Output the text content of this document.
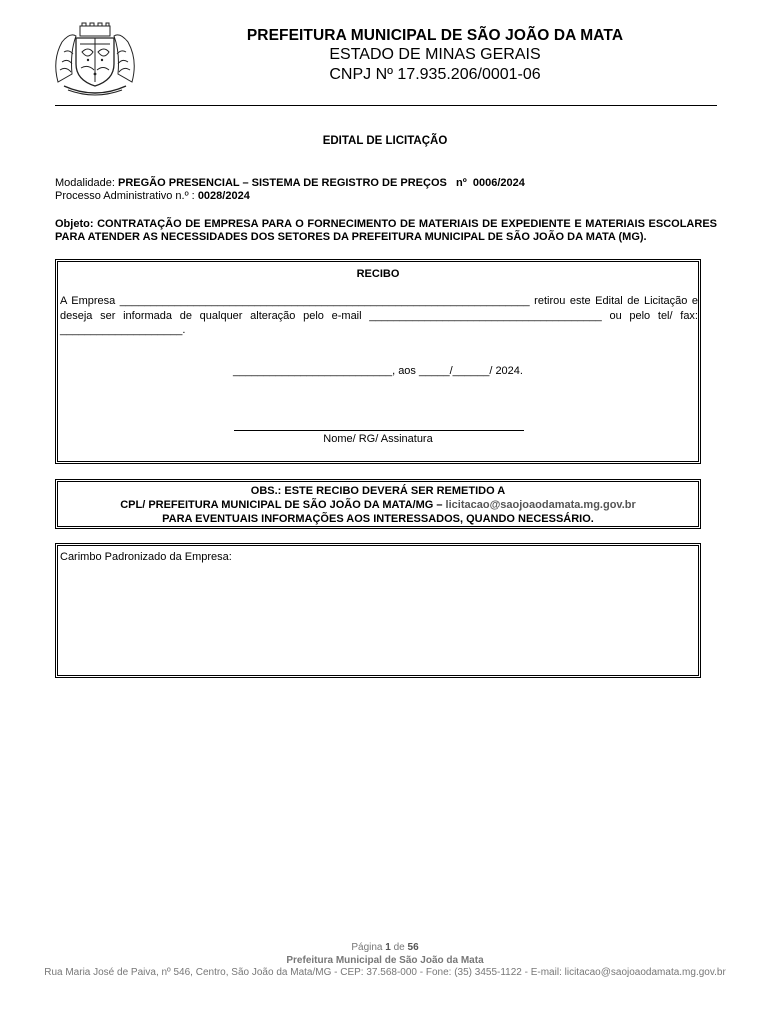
PREFEITURA MUNICIPAL DE SÃO JOÃO DA MATA
ESTADO DE MINAS GERAIS
CNPJ Nº 17.935.206/0001-06
EDITAL DE LICITAÇÃO
Modalidade: PREGÃO PRESENCIAL – SISTEMA DE REGISTRO DE PREÇOS   nº  0006/2024
Processo Administrativo n.º : 0028/2024
Objeto: CONTRATAÇÃO DE EMPRESA PARA O FORNECIMENTO DE MATERIAIS DE EXPEDIENTE E MATERIAIS ESCOLARES PARA ATENDER AS NECESSIDADES DOS SETORES DA PREFEITURA MUNICIPAL DE SÃO JOÃO DA MATA (MG).
RECIBO
A Empresa ___________________________________________________________________ retirou este Edital de Licitação e deseja ser informada de qualquer alteração pelo e-mail ______________________________________ ou pelo tel/ fax: ____________________.
__________________________, aos _____/______/ 2024.
Nome/ RG/ Assinatura
OBS.: ESTE RECIBO DEVERÁ SER REMETIDO A
CPL/ PREFEITURA MUNICIPAL DE SÃO JOÃO DA MATA/MG – licitacao@saojoaodamata.mg.gov.br
PARA EVENTUAIS INFORMAÇÕES AOS INTERESSADOS, QUANDO NECESSÁRIO.
Carimbo Padronizado da Empresa:
Página 1 de 56
Prefeitura Municipal de São João da Mata
Rua Maria José de Paiva, nº 546, Centro, São João da Mata/MG - CEP: 37.568-000 - Fone: (35) 3455-1122 - E-mail: licitacao@saojoaodamata.mg.gov.br
